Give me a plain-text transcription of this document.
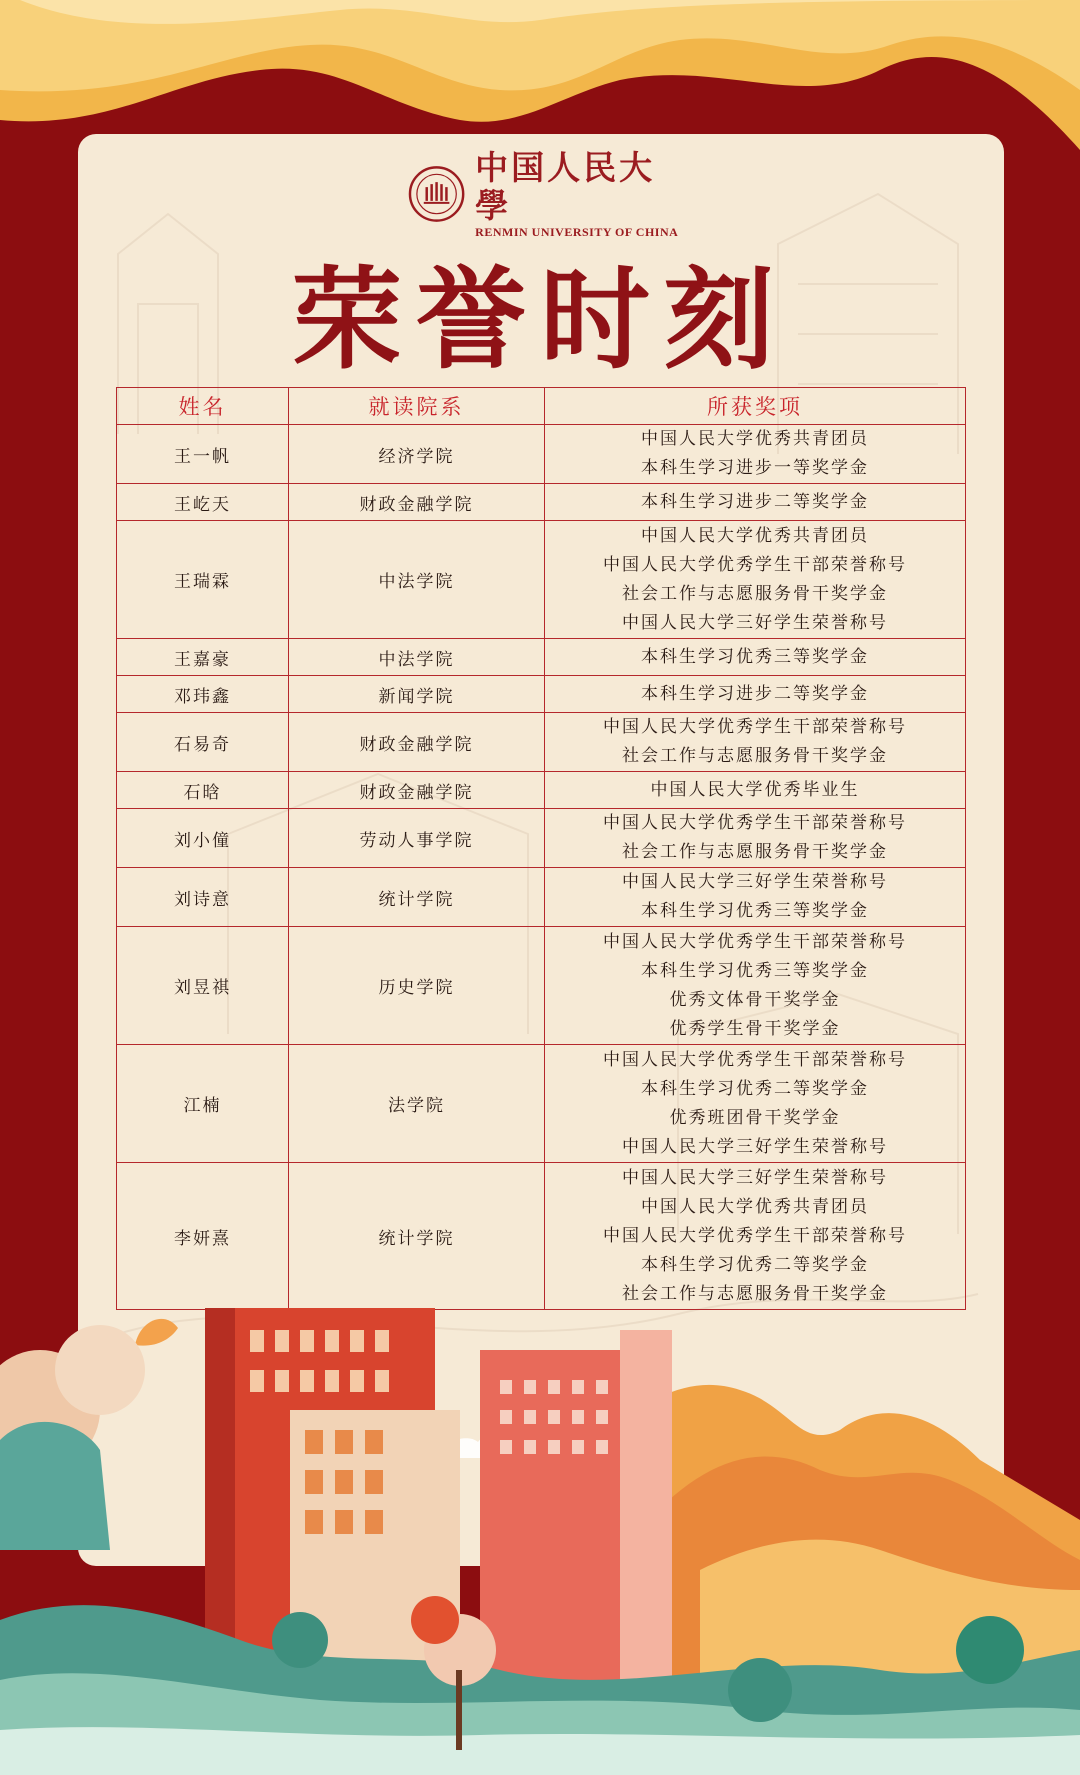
中国人民大學
RENMIN UNIVERSITY OF CHINA
荣誉时刻
姓名	就读院系	所获奖项
王一帆	经济学院	中国人民大学优秀共青团员
本科生学习进步一等奖学金

王屹天	财政金融学院	本科生学习进步二等奖学金

王瑞霖	中法学院	中国人民大学优秀共青团员
中国人民大学优秀学生干部荣誉称号
社会工作与志愿服务骨干奖学金
中国人民大学三好学生荣誉称号

王嘉豪	中法学院	本科生学习优秀三等奖学金

邓玮鑫	新闻学院	本科生学习进步二等奖学金

石易奇	财政金融学院	中国人民大学优秀学生干部荣誉称号
社会工作与志愿服务骨干奖学金

石晗	财政金融学院	中国人民大学优秀毕业生

刘小僮	劳动人事学院	中国人民大学优秀学生干部荣誉称号
社会工作与志愿服务骨干奖学金

刘诗意	统计学院	中国人民大学三好学生荣誉称号
本科生学习优秀三等奖学金

刘昱祺	历史学院	中国人民大学优秀学生干部荣誉称号
本科生学习优秀三等奖学金
优秀文体骨干奖学金
优秀学生骨干奖学金

江楠	法学院	中国人民大学优秀学生干部荣誉称号
本科生学习优秀二等奖学金
优秀班团骨干奖学金
中国人民大学三好学生荣誉称号

李妍熹	统计学院	中国人民大学三好学生荣誉称号
中国人民大学优秀共青团员
中国人民大学优秀学生干部荣誉称号
本科生学习优秀二等奖学金
社会工作与志愿服务骨干奖学金
